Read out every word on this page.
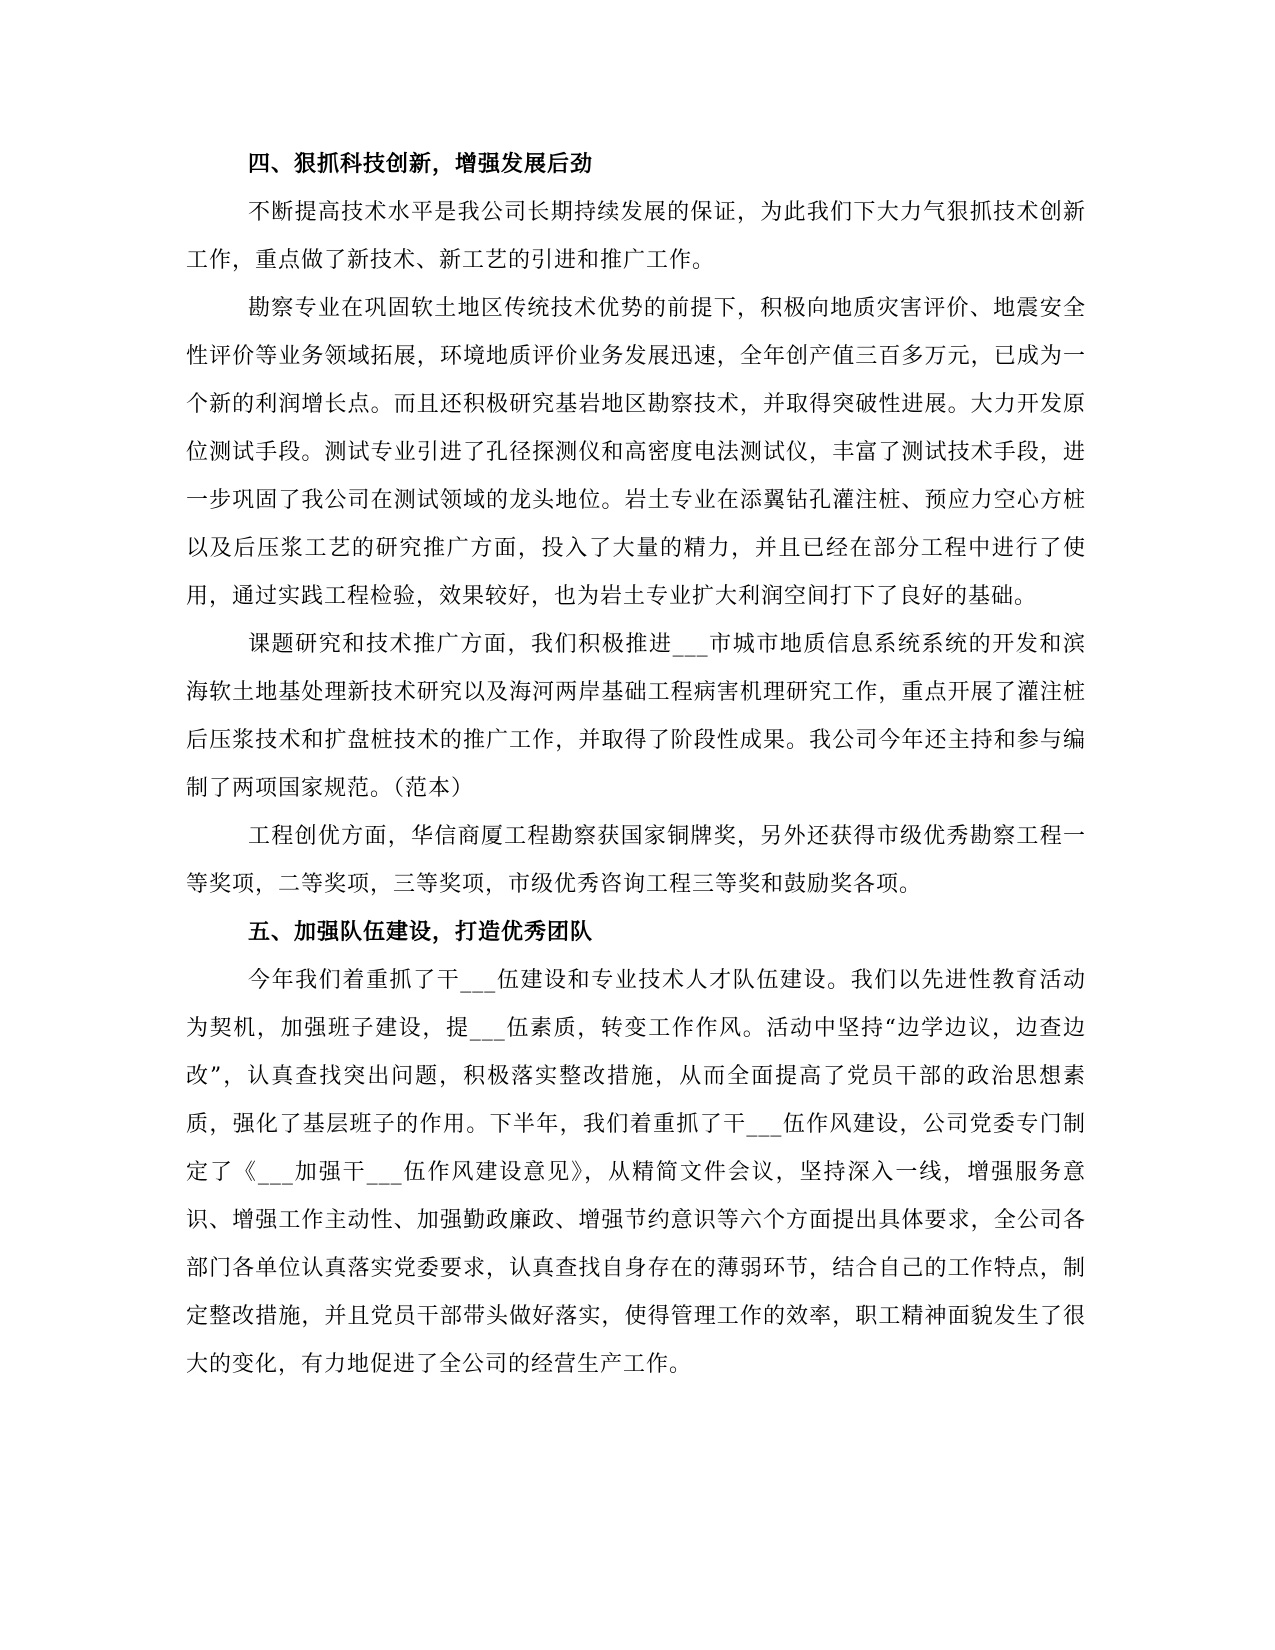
四、狠抓科技创新，增强发展后劲

不断提高技术水平是我公司长期持续发展的保证，为此我们下大力气狠抓技术创新工作，重点做了新技术、新工艺的引进和推广工作。

勘察专业在巩固软土地区传统技术优势的前提下，积极向地质灾害评价、地震安全性评价等业务领域拓展，环境地质评价业务发展迅速，全年创产值三百多万元，已成为一个新的利润增长点。而且还积极研究基岩地区勘察技术，并取得突破性进展。大力开发原位测试手段。测试专业引进了孔径探测仪和高密度电法测试仪，丰富了测试技术手段，进一步巩固了我公司在测试领域的龙头地位。岩土专业在添翼钻孔灌注桩、预应力空心方桩以及后压浆工艺的研究推广方面，投入了大量的精力，并且已经在部分工程中进行了使用，通过实践工程检验，效果较好，也为岩土专业扩大利润空间打下了良好的基础。

课题研究和技术推广方面，我们积极推进___市城市地质信息系统系统的开发和滨海软土地基处理新技术研究以及海河两岸基础工程病害机理研究工作，重点开展了灌注桩后压浆技术和扩盘桩技术的推广工作，并取得了阶段性成果。我公司今年还主持和参与编制了两项国家规范。（范本）

工程创优方面，华信商厦工程勘察获国家铜牌奖，另外还获得市级优秀勘察工程一等奖项，二等奖项，三等奖项，市级优秀咨询工程三等奖和鼓励奖各项。

五、加强队伍建设，打造优秀团队

今年我们着重抓了干___伍建设和专业技术人才队伍建设。我们以先进性教育活动为契机，加强班子建设，提___伍素质，转变工作作风。活动中坚持“边学边议，边查边改”，认真查找突出问题，积极落实整改措施，从而全面提高了党员干部的政治思想素质，强化了基层班子的作用。下半年，我们着重抓了干___伍作风建设，公司党委专门制定了《___加强干___伍作风建设意见》，从精简文件会议，坚持深入一线，增强服务意识、增强工作主动性、加强勤政廉政、增强节约意识等六个方面提出具体要求，全公司各部门各单位认真落实党委要求，认真查找自身存在的薄弱环节，结合自己的工作特点，制定整改措施，并且党员干部带头做好落实，使得管理工作的效率，职工精神面貌发生了很大的变化，有力地促进了全公司的经营生产工作。
